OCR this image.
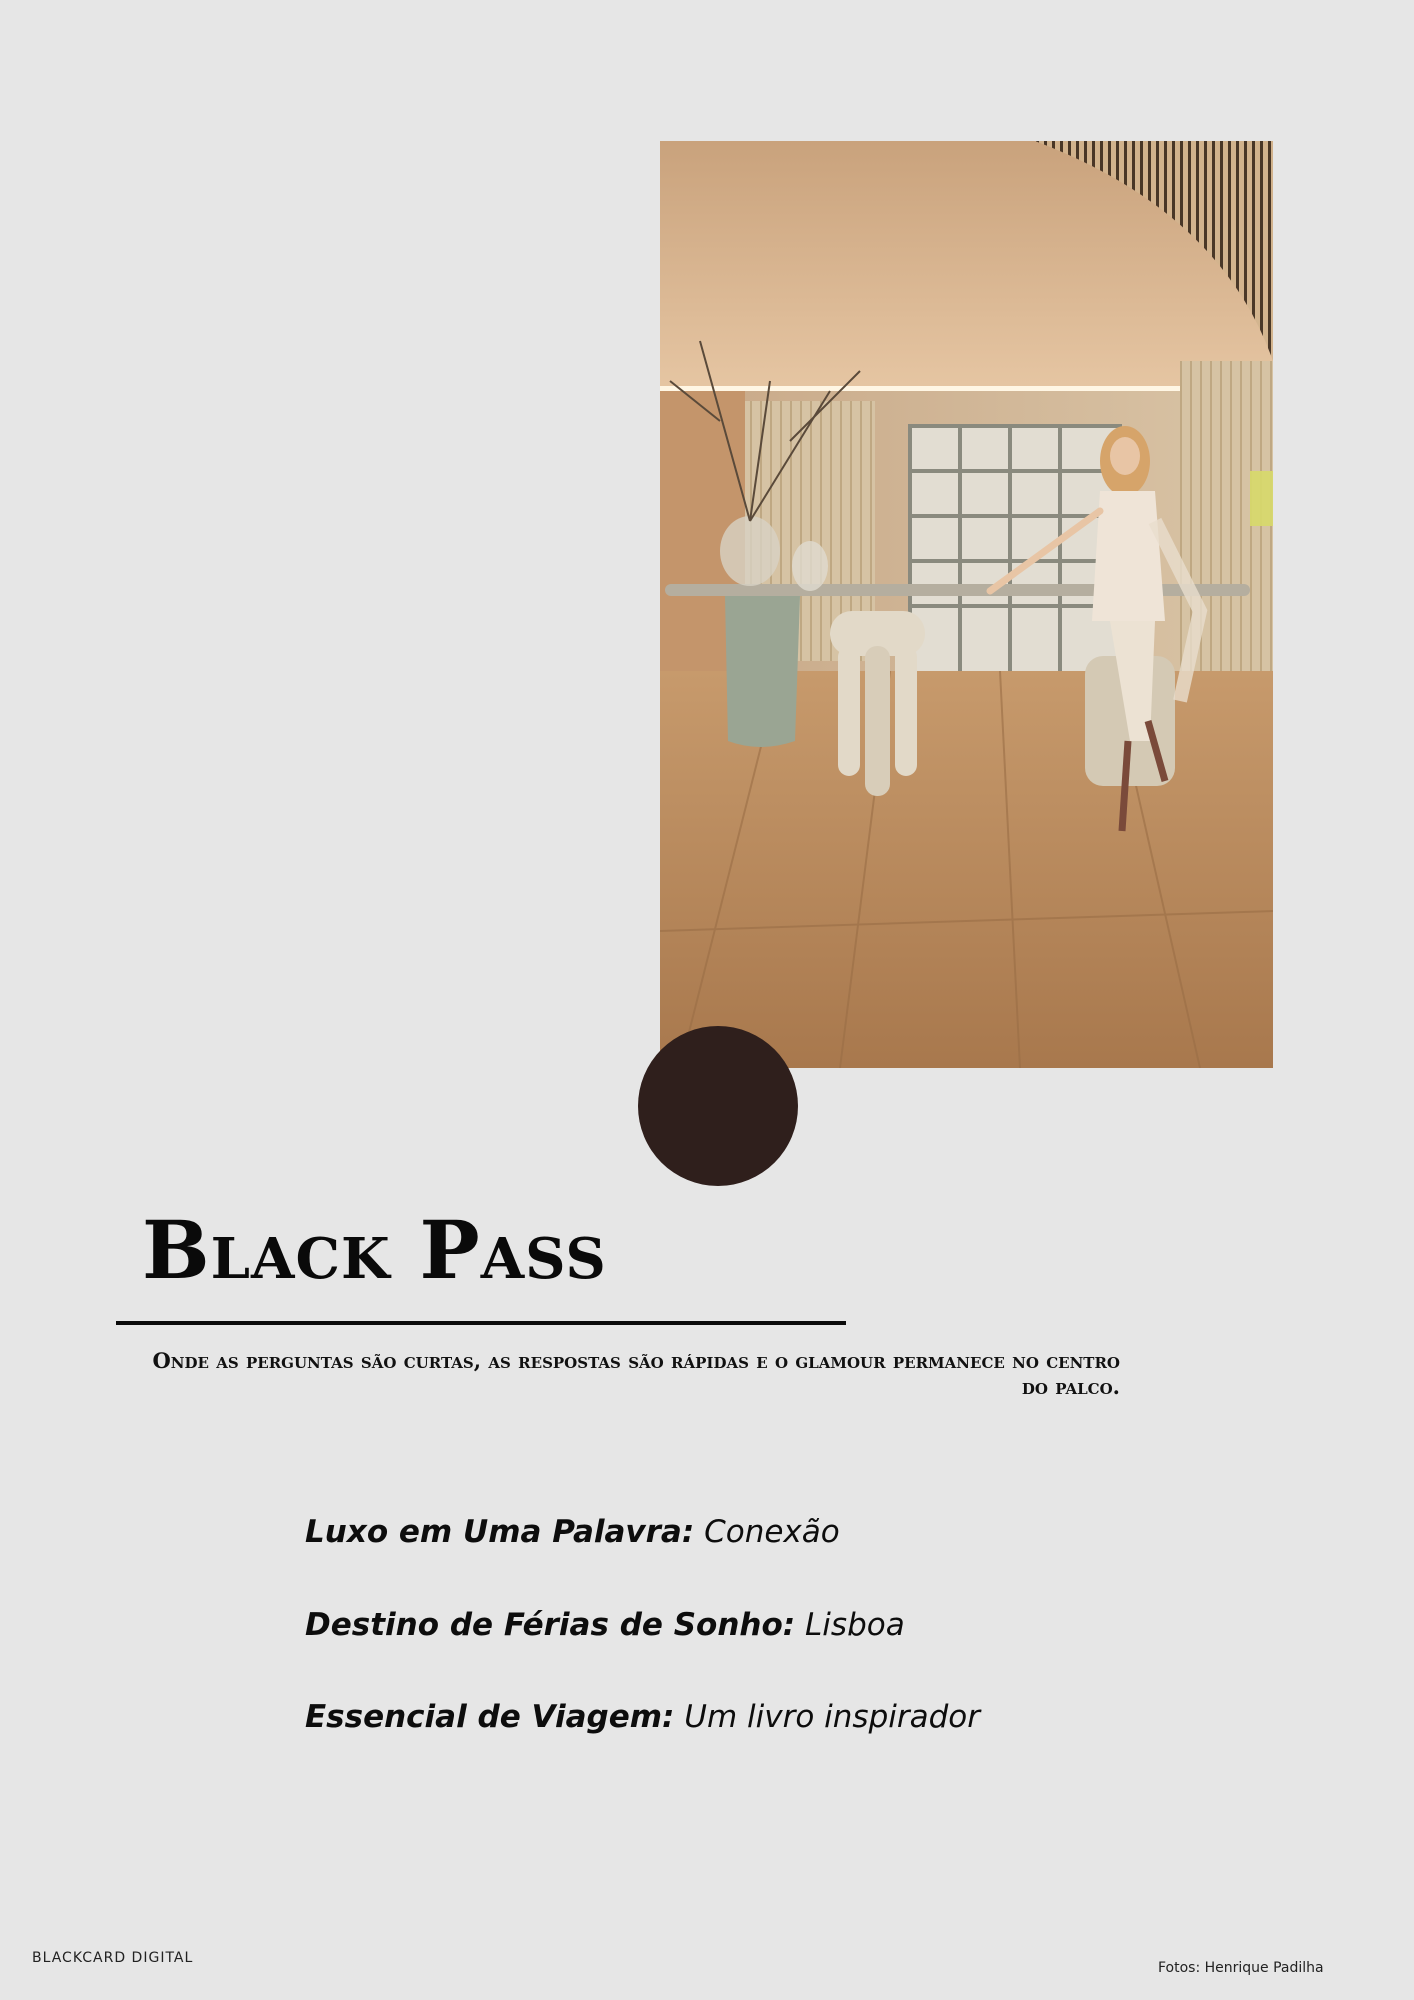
Black Pass

Onde as perguntas são curtas, as respostas são rápidas e o glamour permanece no centro do palco.

Luxo em Uma Palavra: Conexão

Destino de Férias de Sonho: Lisboa

Essencial de Viagem: Um livro inspirador

BLACKCARD DIGITAL
Fotos: Henrique Padilha
